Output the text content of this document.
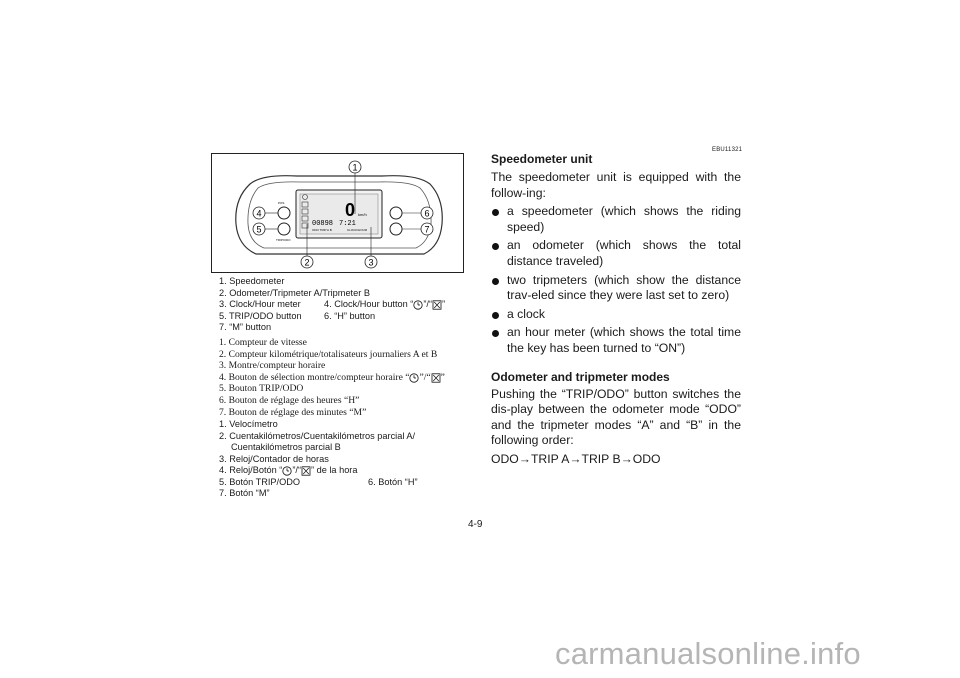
1
2	3
4
5
6
7
0 km/h
00898 7:21
ODO TRIP A B	CLOCK/HOUR
TRIP/ODO
POS
1. Speedometer
2. Odometer/Tripmeter A/Tripmeter B
3. Clock/Hour meter	4. Clock/Hour button “ ”/“ ”
5. TRIP/ODO button 6. “H” button
7. “M” button
1. Compteur de vitesse
2. Compteur kilométrique/totalisateurs journaliers A et B
3. Montre/compteur horaire
4. Bouton de sélection montre/compteur horaire “ ”/“ ”
5. Bouton TRIP/ODO
6. Bouton de réglage des heures “H”
7. Bouton de réglage des minutes “M”
1. Velocímetro
2. Cuentakilómetros/Cuentakilómetros parcial A/
Cuentakilómetros parcial B
3. Reloj/Contador de horas
4. Reloj/Botón “ ”/“ ” de la hora
5. Botón TRIP/ODO	6. Botón “H”
7. Botón “M”
EBU11321
Speedometer unit
The speedometer unit is equipped with the follow-ing:
a speedometer (which shows the riding speed)
an odometer (which shows the total distance traveled)
two tripmeters (which show the distance trav-eled since they were last set to zero)
a clock
an hour meter (which shows the total time the key has been turned to “ON”)
Odometer and tripmeter modes
Pushing the “TRIP/ODO” button switches the dis-play between the odometer mode “ODO” and the tripmeter modes “A” and “B” in the following order:
ODO→TRIP A→TRIP B→ODO
4-9
carmanualsonline.info
